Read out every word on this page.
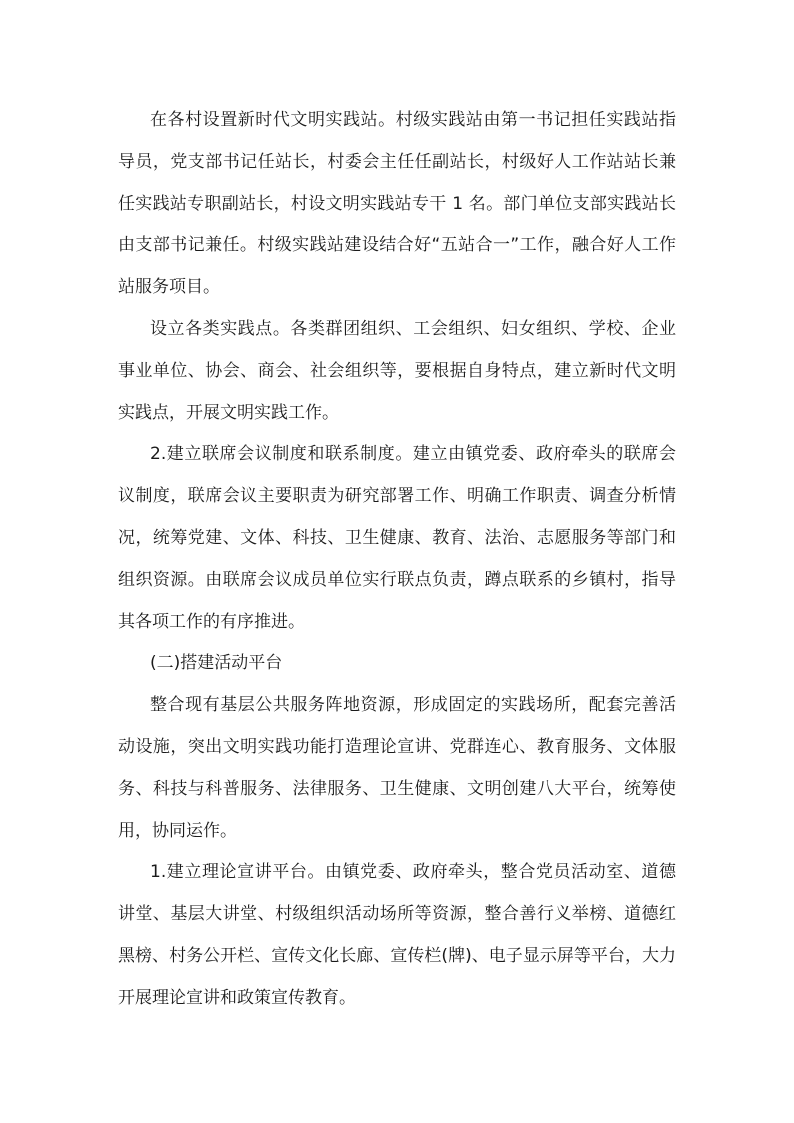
在各村设置新时代文明实践站。村级实践站由第一书记担任实践站指导员，党支部书记任站长，村委会主任任副站长，村级好人工作站站长兼任实践站专职副站长，村设文明实践站专干 1 名。部门单位支部实践站长由支部书记兼任。村级实践站建设结合好“五站合一”工作，融合好人工作站服务项目。

设立各类实践点。各类群团组织、工会组织、妇女组织、学校、企业事业单位、协会、商会、社会组织等，要根据自身特点，建立新时代文明实践点，开展文明实践工作。

2.建立联席会议制度和联系制度。建立由镇党委、政府牵头的联席会议制度，联席会议主要职责为研究部署工作、明确工作职责、调查分析情况，统筹党建、文体、科技、卫生健康、教育、法治、志愿服务等部门和组织资源。由联席会议成员单位实行联点负责，蹲点联系的乡镇村，指导其各项工作的有序推进。

(二)搭建活动平台

整合现有基层公共服务阵地资源，形成固定的实践场所，配套完善活动设施，突出文明实践功能打造理论宣讲、党群连心、教育服务、文体服务、科技与科普服务、法律服务、卫生健康、文明创建八大平台，统筹使用，协同运作。

1.建立理论宣讲平台。由镇党委、政府牵头，整合党员活动室、道德讲堂、基层大讲堂、村级组织活动场所等资源，整合善行义举榜、道德红黑榜、村务公开栏、宣传文化长廊、宣传栏(牌)、电子显示屏等平台，大力开展理论宣讲和政策宣传教育。
